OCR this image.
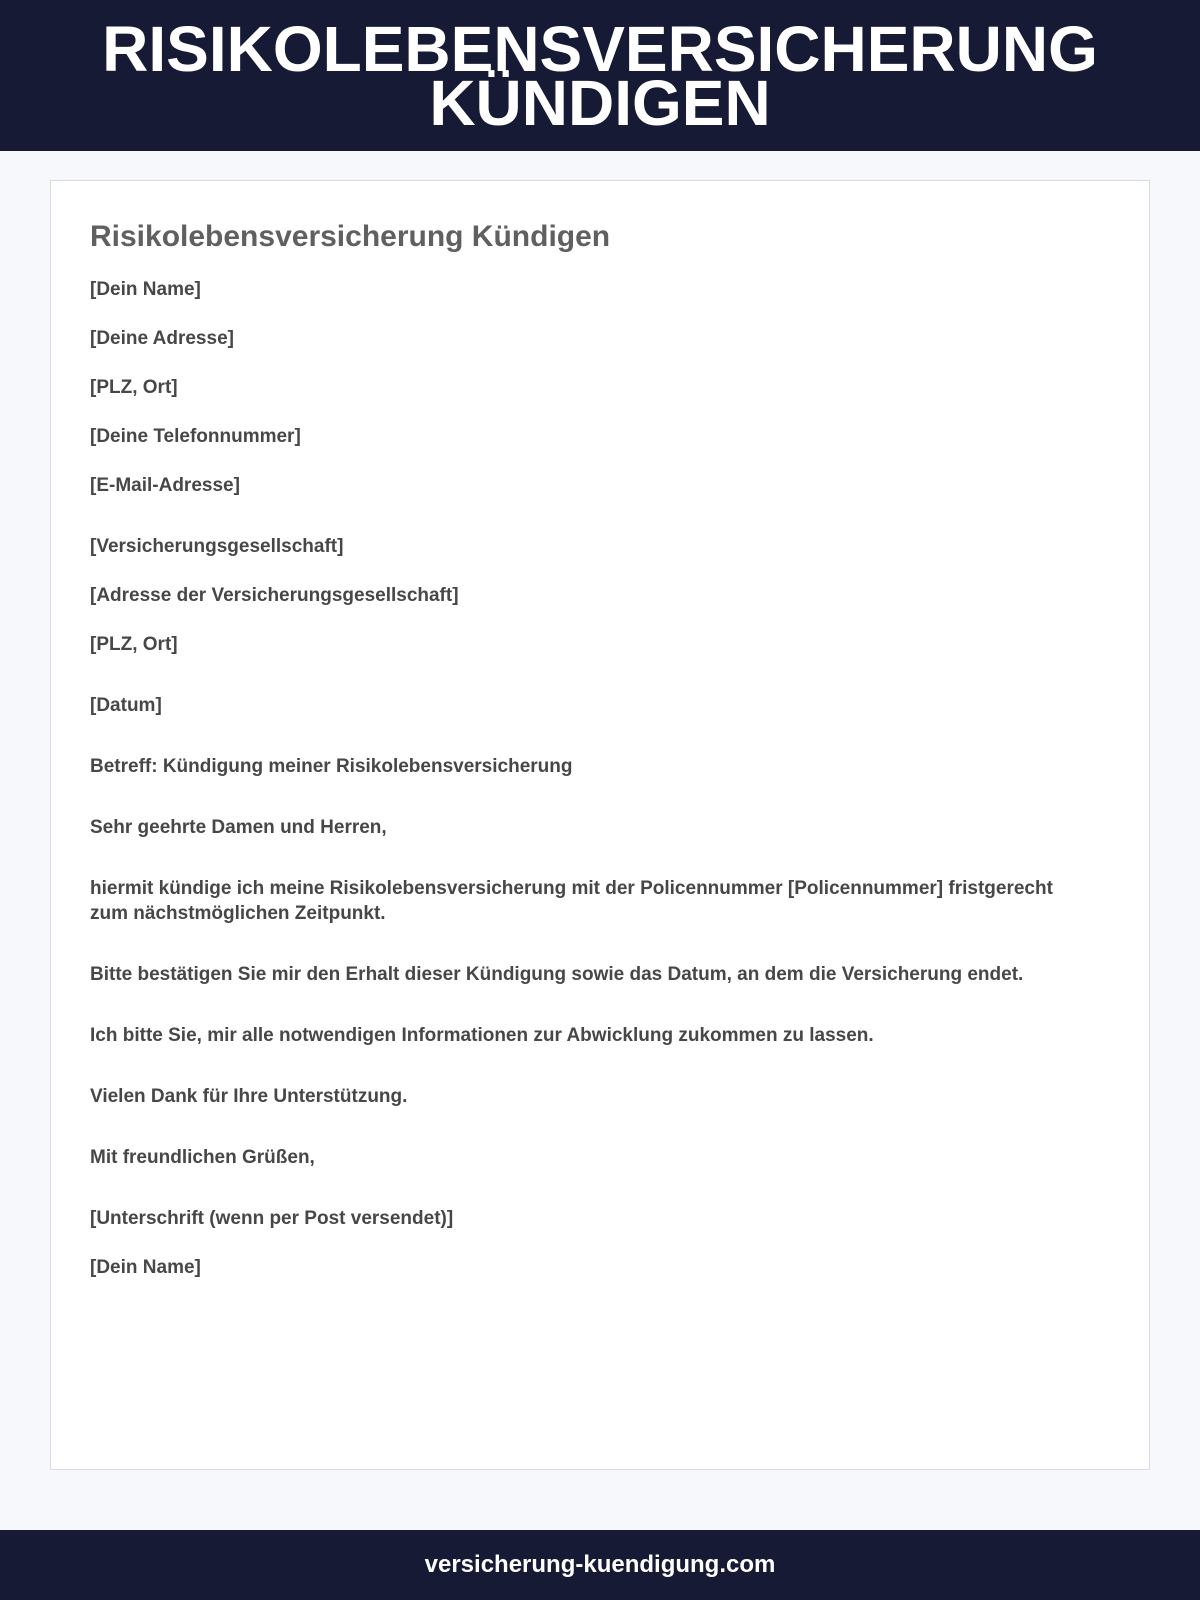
RISIKOLEBENSVERSICHERUNG KÜNDIGEN
Risikolebensversicherung Kündigen

[Dein Name]

[Deine Adresse]

[PLZ, Ort]

[Deine Telefonnummer]

[E-Mail-Adresse]

[Versicherungsgesellschaft]

[Adresse der Versicherungsgesellschaft]

[PLZ, Ort]

[Datum]

Betreff: Kündigung meiner Risikolebensversicherung

Sehr geehrte Damen und Herren,

hiermit kündige ich meine Risikolebensversicherung mit der Policennummer [Policennummer] fristgerecht zum nächstmöglichen Zeitpunkt.

Bitte bestätigen Sie mir den Erhalt dieser Kündigung sowie das Datum, an dem die Versicherung endet.

Ich bitte Sie, mir alle notwendigen Informationen zur Abwicklung zukommen zu lassen.

Vielen Dank für Ihre Unterstützung.

Mit freundlichen Grüßen,

[Unterschrift (wenn per Post versendet)]

[Dein Name]

versicherung-kuendigung.com
